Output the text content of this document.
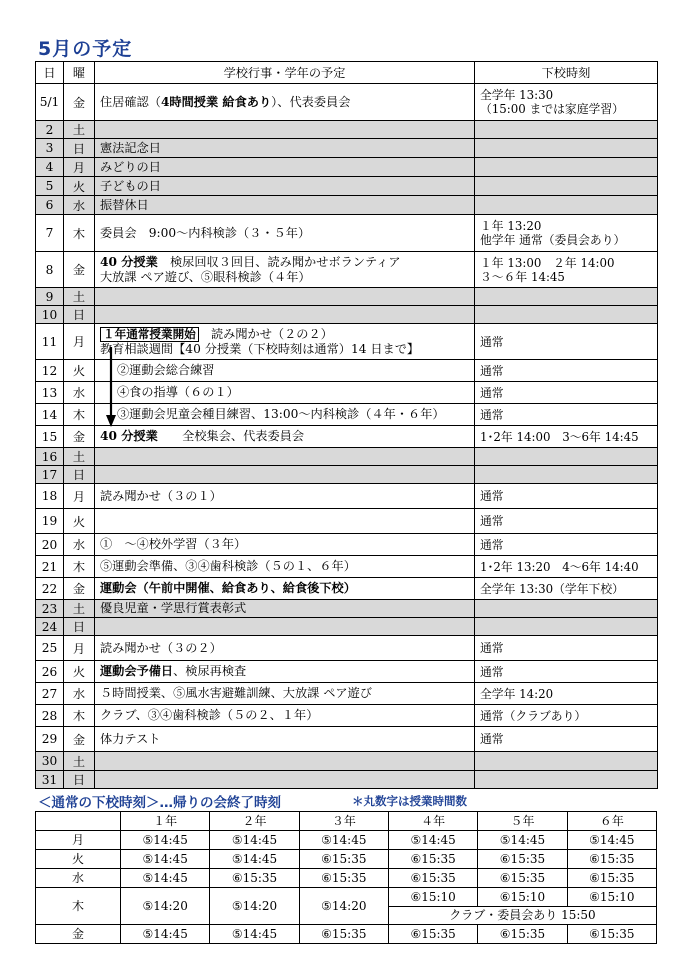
5月の予定
日	曜	学校行事・学年の予定	下校時刻
5/1	金	住居確認（4時間授業 給食あり）、代表委員会	全学年 13:30
（15:00 までは家庭学習）
2	土		
3	日	憲法記念日	
4	月	みどりの日	
5	火	子どもの日	
6	水	振替休日	
7	木	委員会　9:00～内科検診（３・５年）	１年 13:20
他学年 通常（委員会あり）
8	金	40 分授業　検尿回収３回目、読み聞かせボランティア
大放課 ペア遊び、⑤眼科検診（４年）	１年 13:00　２年 14:00
３～６年 14:45
9	土		
10	日		
11	月	１年通常授業開始　読み聞かせ（２の２）
教育相談週間【40 分授業（下校時刻は通常）14 日まで】	通常
12	火	②運動会総合練習	通常
13	水	④食の指導（６の１）	通常
14	木	③運動会児童会種目練習、13:00～内科検診（４年・６年）	通常
15	金	40 分授業　　全校集会、代表委員会	1･2年 14:00　3～6年 14:45
16	土		
17	日		
18	月	読み聞かせ（３の１）	通常
19	火		通常
20	水	①　～④校外学習（３年）	通常
21	木	⑤運動会準備、③④歯科検診（５の１、６年）	1･2年 13:20　4～6年 14:40
22	金	運動会（午前中開催、給食あり、給食後下校）	全学年 13:30（学年下校）
23	土	優良児童・学思行賞表彰式	
24	日		
25	月	読み聞かせ（３の２）	通常
26	火	運動会予備日、検尿再検査	通常
27	水	５時間授業、⑤風水害避難訓練、大放課 ペア遊び	全学年 14:20
28	木	クラブ、③④歯科検診（５の２、１年）	通常（クラブあり）
29	金	体力テスト	通常
30	土		
31	日		
＜通常の下校時刻＞…帰りの会終了時刻	＊丸数字は授業時間数
	１年	２年	３年	４年	５年	６年
月	⑤14:45	⑤14:45	⑤14:45	⑤14:45	⑤14:45	⑤14:45
火	⑤14:45	⑤14:45	⑥15:35	⑥15:35	⑥15:35	⑥15:35
水	⑤14:45	⑥15:35	⑥15:35	⑥15:35	⑥15:35	⑥15:35
木	⑤14:20	⑤14:20	⑤14:20	⑥15:10	⑥15:10	⑥15:10
				クラブ・委員会あり 15:50		
金	⑤14:45	⑤14:45	⑥15:35	⑥15:35	⑥15:35	⑥15:35
